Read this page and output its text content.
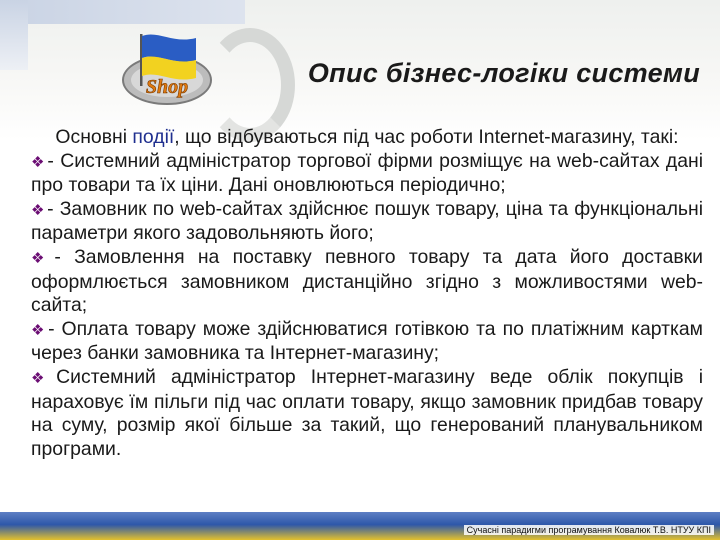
Shop	Опис бізнес-логіки системи

Основні події, що відбуваються під час роботи Internet-магазину, такі:

❖ - Системний адміністратор торгової фірми розміщує на web-сайтах дані про товари та їх ціни. Дані оновлюються періодично;

❖ - Замовник по web-сайтах здійснює пошук товару, ціна та функціональні параметри якого задовольняють його;

❖ - Замовлення на поставку певного товару та дата його доставки оформлюється замовником дистанційно згідно з можливостями web-сайта;

❖ - Оплата товару може здійснюватися готівкою та по платіжним карткам через банки замовника та Інтернет-магазину;

❖ Системний адміністратор Інтернет-магазину веде облік покупців і нараховує їм пільги під час оплати товару, якщо замовник придбав товару на суму, розмір якої більше за такий, що генерований планувальником програми.

Сучасні парадигми програмування Ковалюк Т.В. НТУУ КПІ
